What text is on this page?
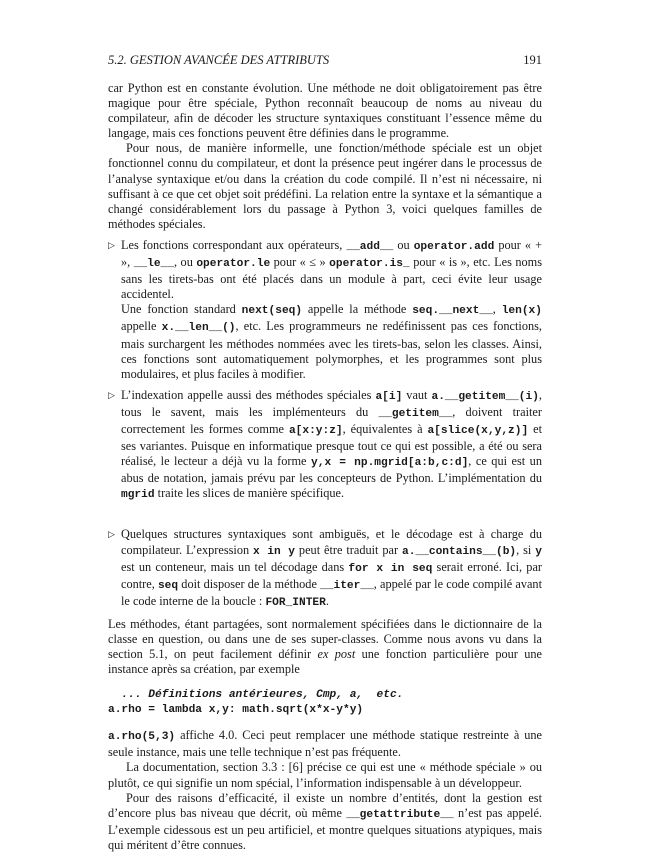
5.2. GESTION AVANCÉE DES ATTRIBUTS	191

car Python est en constante évolution. Une méthode ne doit obligatoirement pas être magique pour être spéciale, Python reconnaît beaucoup de noms au niveau du compilateur, afin de décoder les structure syntaxiques constituant l’essence même du langage, mais ces fonctions peuvent être définies dans le programme.

Pour nous, de manière informelle, une fonction/méthode spéciale est un objet fonctionnel connu du compilateur, et dont la présence peut ingérer dans le processus de l’analyse syntaxique et/ou dans la création du code compilé. Il n’est ni nécessaire, ni suffisant à ce que cet objet soit prédéfini. La relation entre la syntaxe et la sémantique a changé considérablement lors du passage à Python 3, voici quelques familles de méthodes spéciales.

▷ Les fonctions correspondant aux opérateurs, __add__ ou operator.add pour « + », __le__, ou operator.le pour « ≤ » operator.is_ pour « is », etc. Les noms sans les tirets-bas ont été placés dans un module à part, ceci évite leur usage accidentel.

Une fonction standard next(seq) appelle la méthode seq.__next__, len(x) appelle x.__len__(), etc. Les programmeurs ne redéfinissent pas ces fonctions, mais surchargent les méthodes nommées avec les tirets-bas, selon les classes. Ainsi, ces fonctions sont automatiquement polymorphes, et les programmes sont plus modulaires, et plus faciles à modifier.

▷ L’indexation appelle aussi des méthodes spéciales a[i] vaut a.__getitem__(i), tous le savent, mais les implémenteurs du __getitem__, doivent traiter correctement les formes comme a[x:y:z], équivalentes à a[slice(x,y,z)] et ses variantes. Puisque en informatique presque tout ce qui est possible, a été ou sera réalisé, le lecteur a déjà vu la forme y,x = np.mgrid[a:b,c:d], ce qui est un abus de notation, jamais prévu par les concepteurs de Python. L’implémentation du mgrid traite les slices de manière spécifique.

▷ Quelques structures syntaxiques sont ambiguës, et le décodage est à charge du compilateur. L’expression x in y peut être traduit par a.__contains__(b), si y est un conteneur, mais un tel décodage dans for x in seq serait erroné. Ici, par contre, seq doit disposer de la méthode __iter__, appelé par le code compilé avant le code interne de la boucle : FOR_INTER.

Les méthodes, étant partagées, sont normalement spécifiées dans le dictionnaire de la classe en question, ou dans une de ses super-classes. Comme nous avons vu dans la section 5.1, on peut facilement définir ex post une fonction particulière pour une instance après sa création, par exemple

... Définitions antérieures, Cmp, a,  etc.
a.rho = lambda x,y: math.sqrt(x*x-y*y)

a.rho(5,3) affiche 4.0. Ceci peut remplacer une méthode statique restreinte à une seule instance, mais une telle technique n’est pas fréquente.

La documentation, section 3.3 : [6] précise ce qui est une « méthode spéciale » ou plutôt, ce qui signifie un nom spécial, l’information indispensable à un développeur.

Pour des raisons d’efficacité, il existe un nombre d’entités, dont la gestion est d’encore plus bas niveau que décrit, où même __getattribute__ n’est pas appelé. L’exemple cidessous est un peu artificiel, et montre quelques situations atypiques, mais qui méritent d’être connues.
